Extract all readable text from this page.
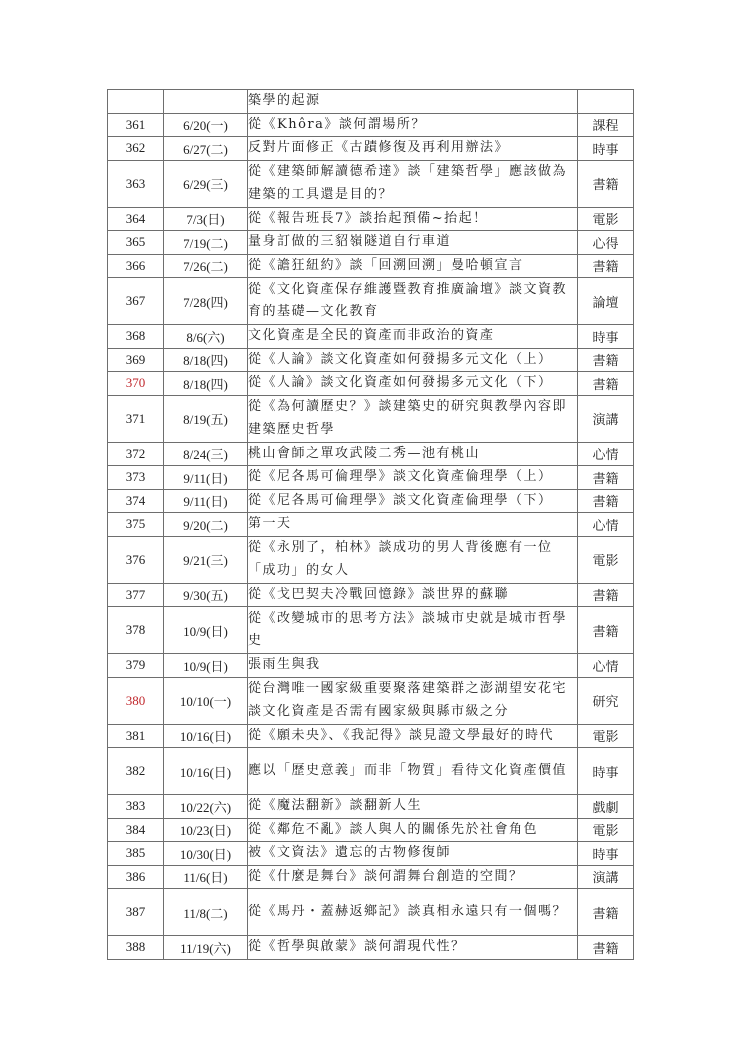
		築學的起源	
361	6/20(一)	從《Khôra》談何謂場所？	課程
362	6/27(二)	反對片面修正《古蹟修復及再利用辦法》	時事
363	6/29(三)	從《建築師解讀德希達》談「建築哲學」應該做為建築的工具還是目的？	書籍
364	7/3(日)	從《報告班長7》談抬起預備~抬起！	電影
365	7/19(二)	量身訂做的三貂嶺隧道自行車道	心得
366	7/26(二)	從《譫狂紐約》談「回溯回溯」曼哈頓宣言	書籍
367	7/28(四)	從《文化資產保存維護暨教育推廣論壇》談文資教育的基礎—文化教育	論壇
368	8/6(六)	文化資產是全民的資產而非政治的資產	時事
369	8/18(四)	從《人論》談文化資產如何發揚多元文化（上）	書籍
370	8/18(四)	從《人論》談文化資產如何發揚多元文化（下）	書籍
371	8/19(五)	從《為何讀歷史？》談建築史的研究與教學內容即建築歷史哲學	演講
372	8/24(三)	桃山會師之單攻武陵二秀—池有桃山	心情
373	9/11(日)	從《尼各馬可倫理學》談文化資產倫理學（上）	書籍
374	9/11(日)	從《尼各馬可倫理學》談文化資產倫理學（下）	書籍
375	9/20(二)	第一天	心情
376	9/21(三)	從《永別了，柏林》談成功的男人背後應有一位「成功」的女人	電影
377	9/30(五)	從《戈巴契夫冷戰回憶錄》談世界的蘇聯	書籍
378	10/9(日)	從《改變城市的思考方法》談城市史就是城市哲學史	書籍
379	10/9(日)	張雨生與我	心情
380	10/10(一)	從台灣唯一國家級重要聚落建築群之澎湖望安花宅談文化資產是否需有國家級與縣市級之分	研究
381	10/16(日)	從《願未央》、《我記得》談見證文學最好的時代	電影
382	10/16(日)	應以「歷史意義」而非「物質」看待文化資產價值	時事
383	10/22(六)	從《魔法翻新》談翻新人生	戲劇
384	10/23(日)	從《鄰危不亂》談人與人的關係先於社會角色	電影
385	10/30(日)	被《文資法》遺忘的古物修復師	時事
386	11/6(日)	從《什麼是舞台》談何謂舞台創造的空間？	演講
387	11/8(二)	從《馬丹・蓋赫返鄉記》談真相永遠只有一個嗎？	書籍
388	11/19(六)	從《哲學與啟蒙》談何謂現代性？	書籍
